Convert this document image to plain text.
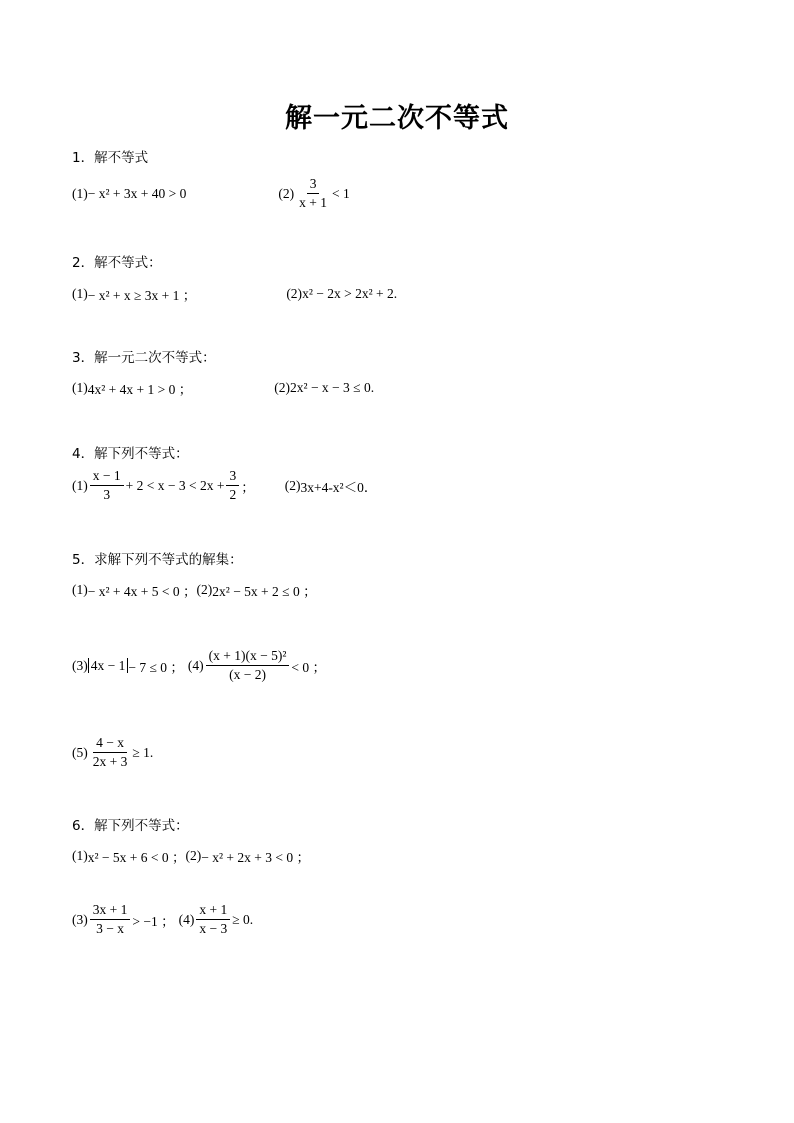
解一元二次不等式
1．解不等式
(1) − x² + 3x + 40 > 0	$(2) \frac{3}{x + 1} < 1$
2．解不等式：
(1) − x² + x ≥ 3x + 1 ；	(2) x² − 2x > 2x² + 2.
3．解一元二次不等式：
(1) 4x² + 4x + 1 > 0 ；	(2) 2x² − x − 3 ≤ 0.
4．解下列不等式：
$(1) \frac{x - 1}{3} + 2 < x - 3 < 2x + \frac{3}{2}$ ； (2) 3x+4-x²＜0．
5．求解下列不等式的解集：
(1) − x² + 4x + 5 < 0 ； (2) 2x² − 5x + 2 ≤ 0 ；
(3) 4x − 1 − 7 ≤ 0 ； $(4) \frac{\text{(x + 1)(x − 5)²}}{(x - 2)} < 0$ ；
$(5) \frac{4 - x}{2x + 3} \ge 1$.
6．解下列不等式：
(1) x² − 5x + 6 < 0 ； (2) − x² + 2x + 3 < 0 ；
$(3) \frac{3x + 1}{3 - x} > -1$ ； $(4) \frac{x + 1}{x - 3} \ge 0$.
